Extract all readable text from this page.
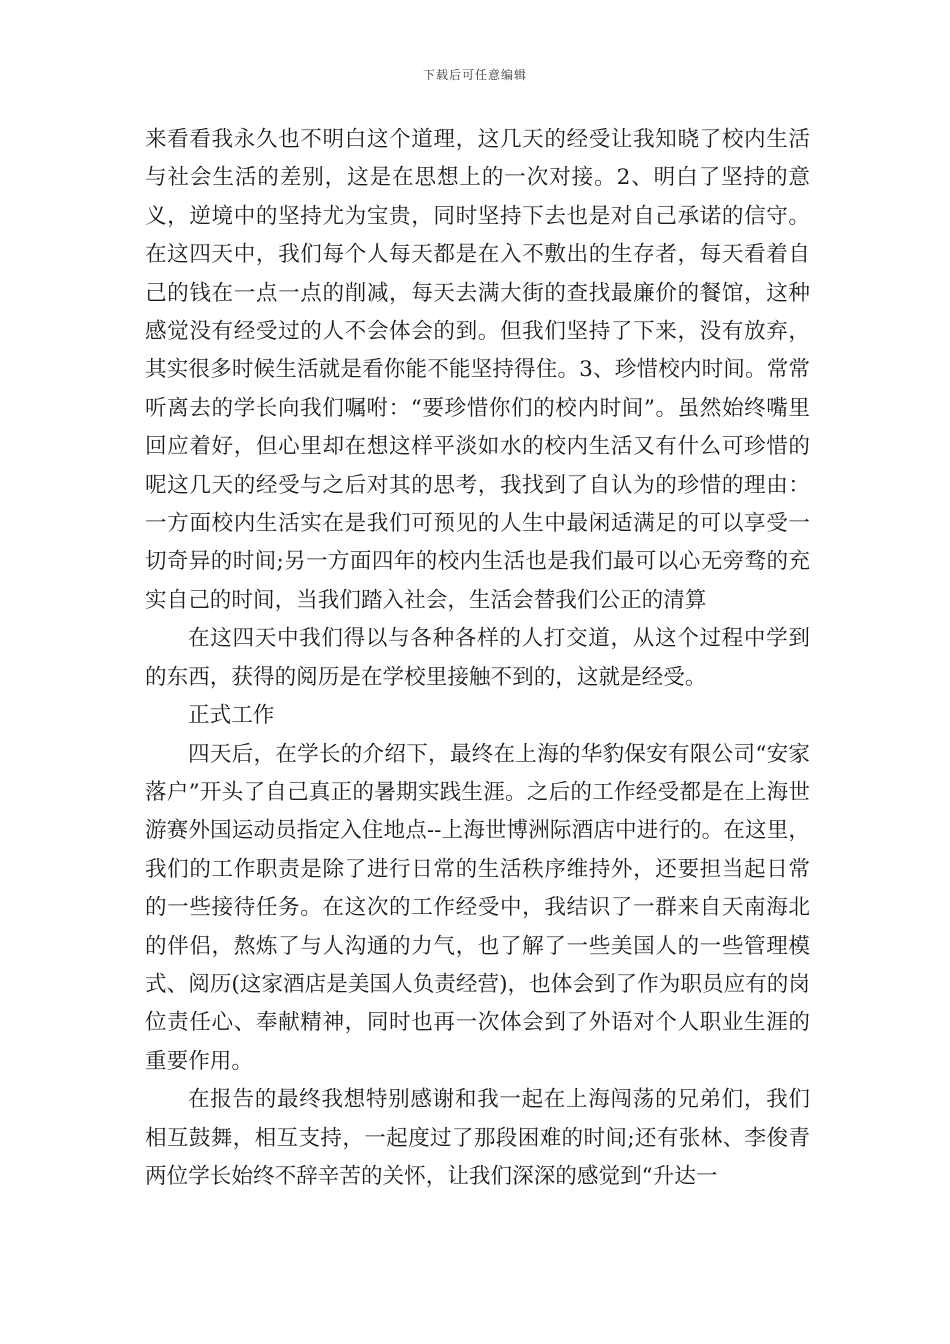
下载后可任意编辑

来看看我永久也不明白这个道理，这几天的经受让我知晓了校内生活与社会生活的差别，这是在思想上的一次对接。2、明白了坚持的意义，逆境中的坚持尤为宝贵，同时坚持下去也是对自己承诺的信守。在这四天中，我们每个人每天都是在入不敷出的生存者，每天看着自己的钱在一点一点的削减，每天去满大街的查找最廉价的餐馆，这种感觉没有经受过的人不会体会的到。但我们坚持了下来，没有放弃，其实很多时候生活就是看你能不能坚持得住。3、珍惜校内时间。常常听离去的学长向我们嘱咐：“要珍惜你们的校内时间”。虽然始终嘴里回应着好，但心里却在想这样平淡如水的校内生活又有什么可珍惜的呢这几天的经受与之后对其的思考，我找到了自认为的珍惜的理由：一方面校内生活实在是我们可预见的人生中最闲适满足的可以享受一切奇异的时间;另一方面四年的校内生活也是我们最可以心无旁骛的充实自己的时间，当我们踏入社会，生活会替我们公正的清算

在这四天中我们得以与各种各样的人打交道，从这个过程中学到的东西，获得的阅历是在学校里接触不到的，这就是经受。

正式工作

四天后，在学长的介绍下，最终在上海的华豹保安有限公司“安家落户”开头了自己真正的暑期实践生涯。之后的工作经受都是在上海世游赛外国运动员指定入住地点--上海世博洲际酒店中进行的。在这里，我们的工作职责是除了进行日常的生活秩序维持外，还要担当起日常的一些接待任务。在这次的工作经受中，我结识了一群来自天南海北的伴侣，熬炼了与人沟通的力气，也了解了一些美国人的一些管理模式、阅历(这家酒店是美国人负责经营)，也体会到了作为职员应有的岗位责任心、奉献精神，同时也再一次体会到了外语对个人职业生涯的重要作用。

在报告的最终我想特别感谢和我一起在上海闯荡的兄弟们，我们相互鼓舞，相互支持，一起度过了那段困难的时间;还有张林、李俊青两位学长始终不辞辛苦的关怀，让我们深深的感觉到“升达一
